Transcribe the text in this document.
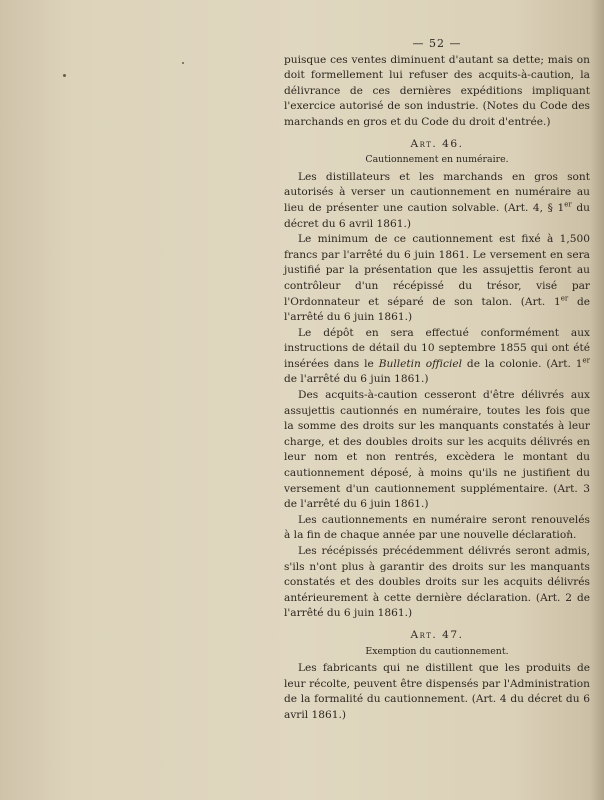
— 52 —

puisque ces ventes diminuent d'autant sa dette; mais on doit formellement lui refuser des acquits-à-caution, la délivrance de ces dernières expéditions impliquant l'exercice autorisé de son industrie. (Notes du Code des marchands en gros et du Code du droit d'entrée.)

Art. 46.
Cautionnement en numéraire.

Les distillateurs et les marchands en gros sont autorisés à verser un cautionnement en numéraire au lieu de présenter une caution solvable. (Art. 4, § 1er du décret du 6 avril 1861.)

Le minimum de ce cautionnement est fixé à 1,500 francs par l'arrêté du 6 juin 1861. Le versement en sera justifié par la présentation que les assujettis feront au contrôleur d'un récépissé du trésor, visé par l'Ordonnateur et séparé de son talon. (Art. 1er de l'arrêté du 6 juin 1861.)

Le dépôt en sera effectué conformément aux instructions de détail du 10 septembre 1855 qui ont été insérées dans le Bulletin officiel de la colonie. (Art. 1er de l'arrêté du 6 juin 1861.)

Des acquits-à-caution cesseront d'être délivrés aux assujettis cautionnés en numéraire, toutes les fois que la somme des droits sur les manquants constatés à leur charge, et des doubles droits sur les acquits délivrés en leur nom et non rentrés, excèdera le montant du cautionnement déposé, à moins qu'ils ne justifient du versement d'un cautionnement supplémentaire. (Art. 3 de l'arrêté du 6 juin 1861.)

Les cautionnements en numéraire seront renouvelés à la fin de chaque année par une nouvelle déclaration.

Les récépissés précédemment délivrés seront admis, s'ils n'ont plus à garantir des droits sur les manquants constatés et des doubles droits sur les acquits délivrés antérieurement à cette dernière déclaration. (Art. 2 de l'arrêté du 6 juin 1861.)

Art. 47.
Exemption du cautionnement.

Les fabricants qui ne distillent que les produits de leur récolte, peuvent être dispensés par l'Administration de la formalité du cautionnement. (Art. 4 du décret du 6 avril 1861.)
